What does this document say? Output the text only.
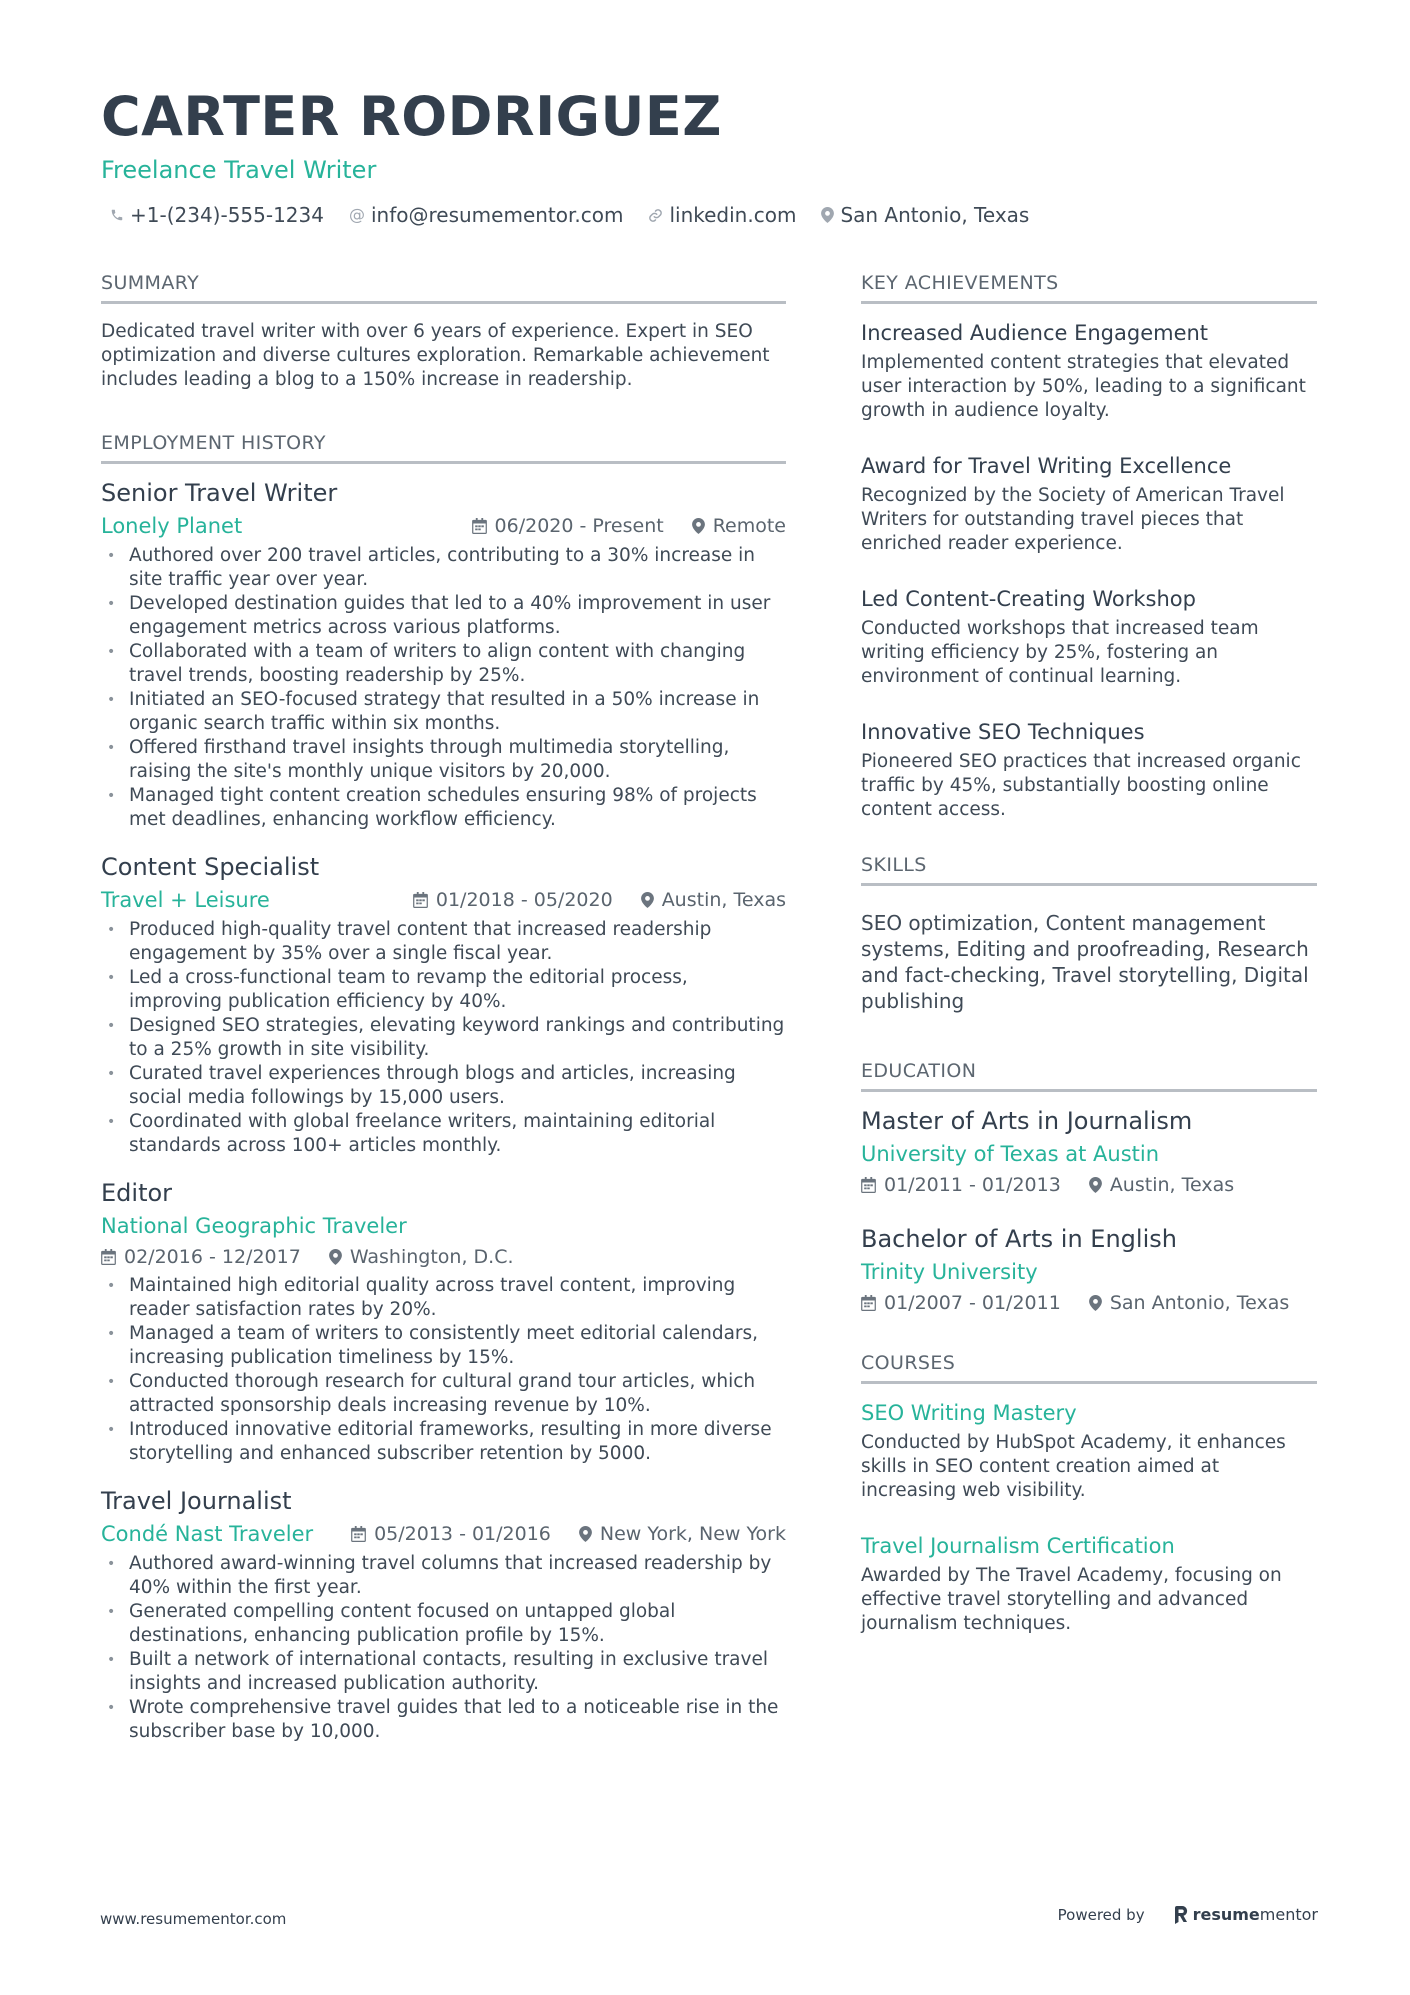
CARTER RODRIGUEZ
Freelance Travel Writer
+1-(234)-555-1234 @ info@resumementor.com linkedin.com San Antonio, Texas
SUMMARY

Dedicated travel writer with over 6 years of experience. Expert in SEO optimization and diverse cultures exploration. Remarkable achievement includes leading a blog to a 150% increase in readership.

EMPLOYMENT HISTORY
Senior Travel Writer
Lonely Planet	06/2020 - Present	Remote
• Authored over 200 travel articles, contributing to a 30% increase in site traffic year over year.
• Developed destination guides that led to a 40% improvement in user engagement metrics across various platforms.
• Collaborated with a team of writers to align content with changing travel trends, boosting readership by 25%.
• Initiated an SEO-focused strategy that resulted in a 50% increase in organic search traffic within six months.
• Offered firsthand travel insights through multimedia storytelling, raising the site's monthly unique visitors by 20,000.
• Managed tight content creation schedules ensuring 98% of projects met deadlines, enhancing workflow efficiency.
Content Specialist
Travel + Leisure	01/2018 - 05/2020	Austin, Texas
• Produced high-quality travel content that increased readership engagement by 35% over a single fiscal year.
• Led a cross-functional team to revamp the editorial process, improving publication efficiency by 40%.
• Designed SEO strategies, elevating keyword rankings and contributing to a 25% growth in site visibility.
• Curated travel experiences through blogs and articles, increasing social media followings by 15,000 users.
• Coordinated with global freelance writers, maintaining editorial standards across 100+ articles monthly.
Editor
National Geographic Traveler
02/2016 - 12/2017	Washington, D.C.
• Maintained high editorial quality across travel content, improving reader satisfaction rates by 20%.
• Managed a team of writers to consistently meet editorial calendars, increasing publication timeliness by 15%.
• Conducted thorough research for cultural grand tour articles, which attracted sponsorship deals increasing revenue by 10%.
• Introduced innovative editorial frameworks, resulting in more diverse storytelling and enhanced subscriber retention by 5000.
Travel Journalist
Condé Nast Traveler	05/2013 - 01/2016	New York, New York
• Authored award-winning travel columns that increased readership by 40% within the first year.
• Generated compelling content focused on untapped global destinations, enhancing publication profile by 15%.
• Built a network of international contacts, resulting in exclusive travel insights and increased publication authority.
• Wrote comprehensive travel guides that led to a noticeable rise in the subscriber base by 10,000.
KEY ACHIEVEMENTS
Increased Audience Engagement

Implemented content strategies that elevated user interaction by 50%, leading to a significant growth in audience loyalty.

Award for Travel Writing Excellence

Recognized by the Society of American Travel Writers for outstanding travel pieces that enriched reader experience.

Led Content-Creating Workshop

Conducted workshops that increased team writing efficiency by 25%, fostering an environment of continual learning.

Innovative SEO Techniques

Pioneered SEO practices that increased organic traffic by 45%, substantially boosting online content access.

SKILLS

SEO optimization, Content management systems, Editing and proofreading, Research and fact-checking, Travel storytelling, Digital publishing

EDUCATION
Master of Arts in Journalism
University of Texas at Austin
01/2011 - 01/2013	Austin, Texas
Bachelor of Arts in English
Trinity University
01/2007 - 01/2011	San Antonio, Texas
COURSES
SEO Writing Mastery

Conducted by HubSpot Academy, it enhances skills in SEO content creation aimed at increasing web visibility.

Travel Journalism Certification

Awarded by The Travel Academy, focusing on effective travel storytelling and advanced journalism techniques.

www.resumementor.com	Powered by	resume mentor
